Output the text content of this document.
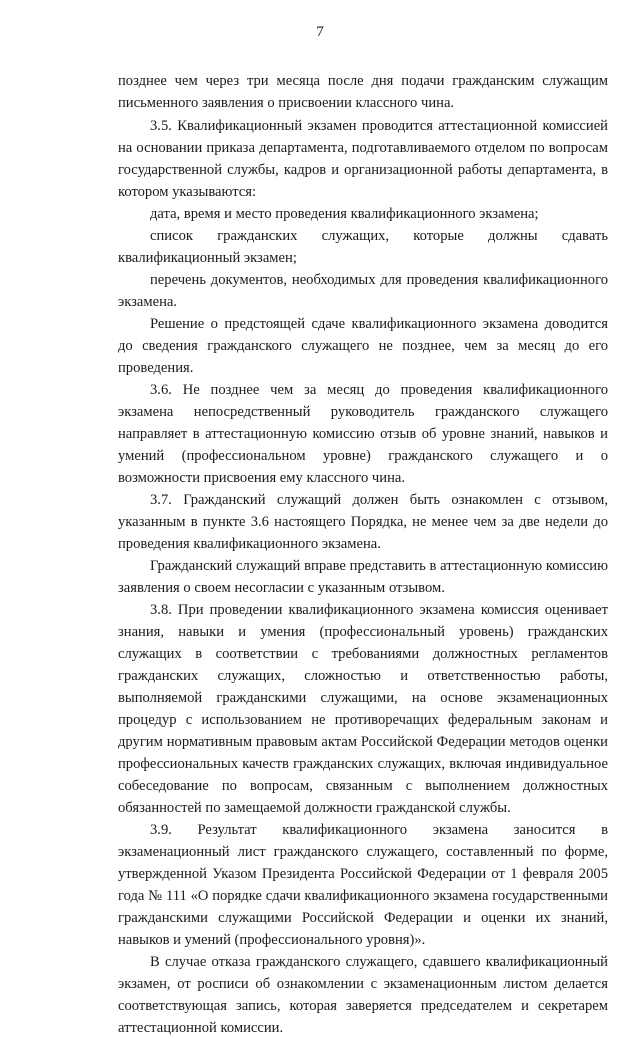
7

позднее чем через три месяца после дня подачи гражданским служащим письменного заявления о присвоении классного чина.

3.5. Квалификационный экзамен проводится аттестационной комиссией на основании приказа департамента, подготавливаемого отделом по вопросам государственной службы, кадров и организационной работы департамента, в котором указываются:

дата, время и место проведения квалификационного экзамена;

список гражданских служащих, которые должны сдавать квалификационный экзамен;

перечень документов, необходимых для проведения квалификационного экзамена.

Решение о предстоящей сдаче квалификационного экзамена доводится до сведения гражданского служащего не позднее, чем за месяц до его проведения.

3.6. Не позднее чем за месяц до проведения квалификационного экзамена непосредственный руководитель гражданского служащего направляет в аттестационную комиссию отзыв об уровне знаний, навыков и умений (профессиональном уровне) гражданского служащего и о возможности присвоения ему классного чина.

3.7. Гражданский служащий должен быть ознакомлен с отзывом, указанным в пункте 3.6 настоящего Порядка, не менее чем за две недели до проведения квалификационного экзамена.

Гражданский служащий вправе представить в аттестационную комиссию заявления о своем несогласии с указанным отзывом.

3.8. При проведении квалификационного экзамена комиссия оценивает знания, навыки и умения (профессиональный уровень) гражданских служащих в соответствии с требованиями должностных регламентов гражданских служащих, сложностью и ответственностью работы, выполняемой гражданскими служащими, на основе экзаменационных процедур с использованием не противоречащих федеральным законам и другим нормативным правовым актам Российской Федерации методов оценки профессиональных качеств гражданских служащих, включая индивидуальное собеседование по вопросам, связанным с выполнением должностных обязанностей по замещаемой должности гражданской службы.

3.9. Результат квалификационного экзамена заносится в экзаменационный лист гражданского служащего, составленный по форме, утвержденной Указом Президента Российской Федерации от 1 февраля 2005 года № 111 «О порядке сдачи квалификационного экзамена государственными гражданскими служащими Российской Федерации и оценки их знаний, навыков и умений (профессионального уровня)».

В случае отказа гражданского служащего, сдавшего квалификационный экзамен, от росписи об ознакомлении с экзаменационным листом делается соответствующая запись, которая заверяется председателем и секретарем аттестационной комиссии.
